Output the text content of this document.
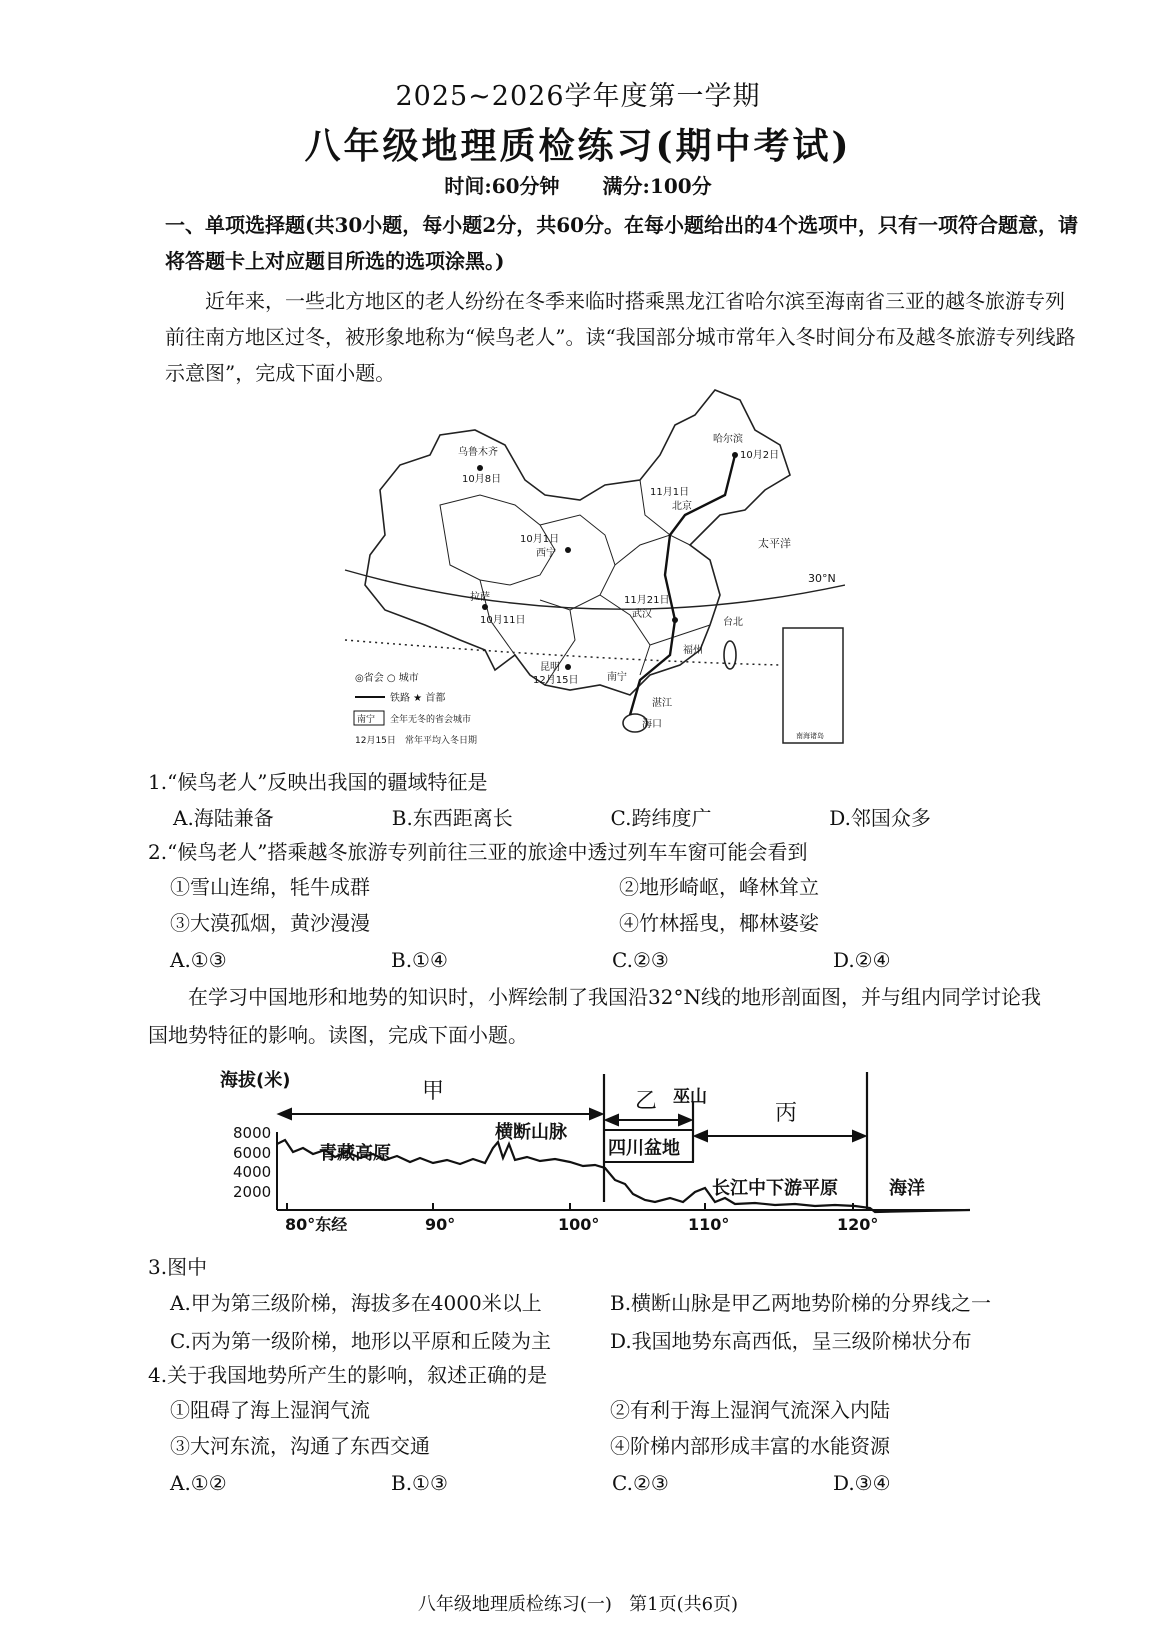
2025~2026学年度第一学期
八年级地理质检练习(期中考试)
时间:60分钟 满分:100分
一、单项选择题(共30小题，每小题2分，共60分。在每小题给出的4个选项中，只有一项符合题意，请将答题卡上对应题目所选的选项涂黑。)
近年来，一些北方地区的老人纷纷在冬季来临时搭乘黑龙江省哈尔滨至海南省三亚的越冬旅游专列前往南方地区过冬，被形象地称为“候鸟老人”。读“我国部分城市常年入冬时间分布及越冬旅游专列线路示意图”，完成下面小题。
乌鲁木齐
10月8日
哈尔滨
10月2日
11月1日
北京
10月1日
西宁
太平洋
30°N
拉萨
10月11日
11月21日
武汉
台北
福州
昆明
12月15日	南宁
湛江
海口
南海诸岛
◎省会 ○ 城市
铁路 ★ 首都
南宁 全年无冬的省会城市
12月15日 常年平均入冬日期
1.“候鸟老人”反映出我国的疆域特征是
A.海陆兼备	B.东西距离长	C.跨纬度广	D.邻国众多
2.“候鸟老人”搭乘越冬旅游专列前往三亚的旅途中透过列车车窗可能会看到
①雪山连绵，牦牛成群	②地形崎岖，峰林耸立
③大漠孤烟，黄沙漫漫	④竹林摇曳，椰林婆娑
A.①③	B.①④	C.②③	D.②④
在学习中国地形和地势的知识时，小辉绘制了我国沿32°N线的地形剖面图，并与组内同学讨论我国地势特征的影响。读图，完成下面小题。
海拔(米)
8000
6000
4000
2000
80°东经	90°	100°	110°	120°
甲	乙	丙
青藏高原
横断山脉
巫山
四川盆地
长江中下游平原	海洋
3.图中
A.甲为第三级阶梯，海拔多在4000米以上	B.横断山脉是甲乙两地势阶梯的分界线之一
C.丙为第一级阶梯，地形以平原和丘陵为主	D.我国地势东高西低，呈三级阶梯状分布
4.关于我国地势所产生的影响，叙述正确的是
①阻碍了海上湿润气流	②有利于海上湿润气流深入内陆
③大河东流，沟通了东西交通	④阶梯内部形成丰富的水能资源
A.①②	B.①③	C.②③	D.③④
八年级地理质检练习(一)   第1页(共6页)
